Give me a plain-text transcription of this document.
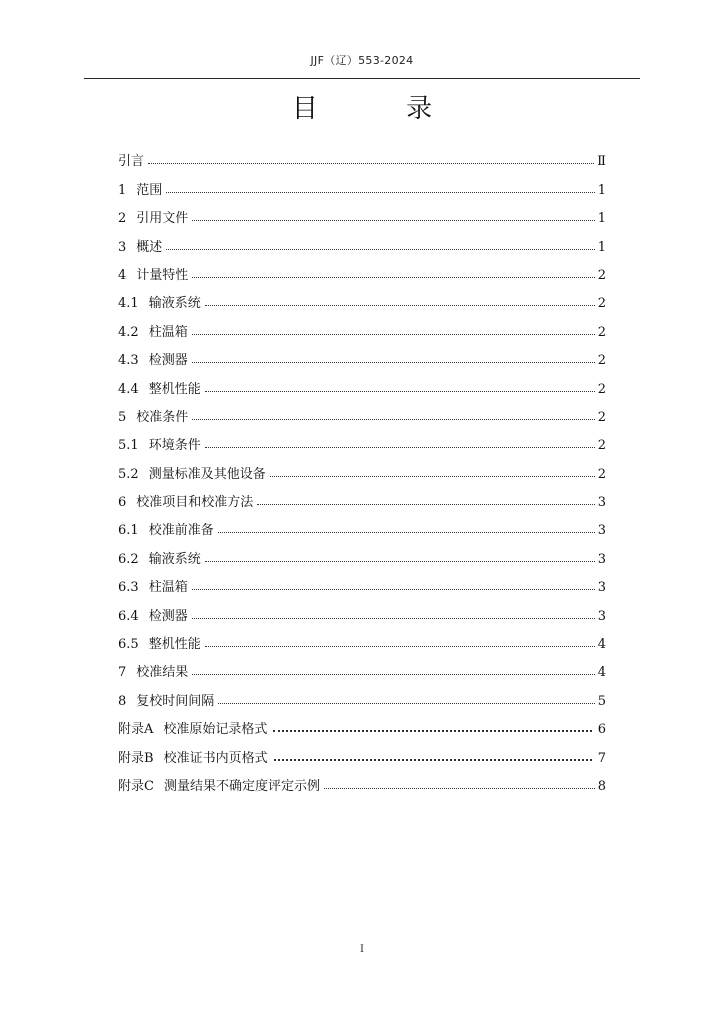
JJF（辽）553-2024
目 录
引言	Ⅱ
1 范围	1
2 引用文件	1
3 概述	1
4 计量特性	2
4.1 输液系统	2
4.2 柱温箱	2
4.3 检测器	2
4.4 整机性能	2
5 校准条件	2
5.1 环境条件	2
5.2 测量标准及其他设备	2
6 校准项目和校准方法	3
6.1 校准前准备	3
6.2 输液系统	3
6.3 柱温箱	3
6.4 检测器	3
6.5 整机性能	4
7 校准结果	4
8 复校时间间隔	5
附录A 校准原始记录格式	6
附录B 校准证书内页格式	7
附录C 测量结果不确定度评定示例	8
I
